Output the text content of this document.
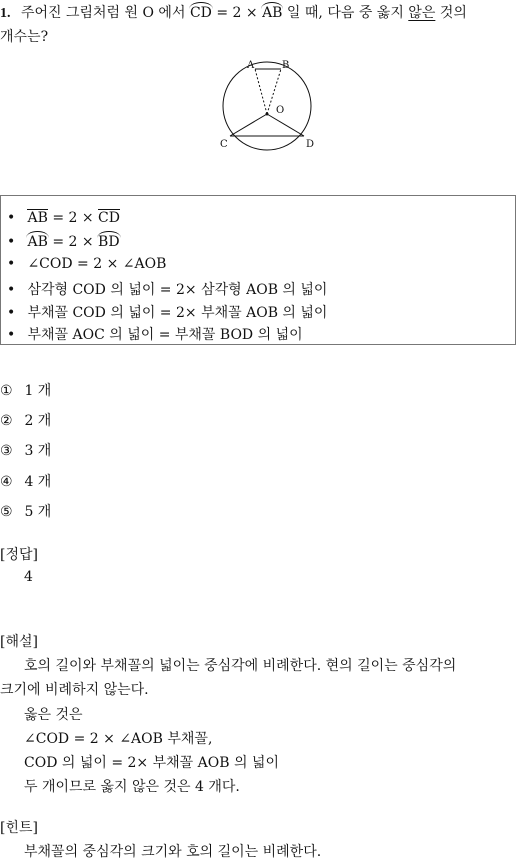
1. 주어진 그림처럼 원 O 에서 CD = 2 × AB 일 때, 다음 중 옳지 않은 것의
개수는?
A	B
O
C	D
• AB = 2 × CD
• AB = 2 × BD
• ∠COD = 2 × ∠AOB
• 삼각형 COD 의 넓이 = 2× 삼각형 AOB 의 넓이
• 부채꼴 COD 의 넓이 = 2× 부채꼴 AOB 의 넓이
• 부채꼴 AOC 의 넓이 = 부채꼴 BOD 의 넓이
① 1 개
② 2 개
③ 3 개
④ 4 개
⑤ 5 개
[정답]
4
[해설]
호의 길이와 부채꼴의 넓이는 중심각에 비례한다. 현의 길이는 중심각의
크기에 비례하지 않는다.
옳은 것은
∠COD = 2 × ∠AOB 부채꼴,
COD 의 넓이 = 2× 부채꼴 AOB 의 넓이
두 개이므로 옳지 않은 것은 4 개다.
[힌트]
부채꼴의 중심각의 크기와 호의 길이는 비례한다.
